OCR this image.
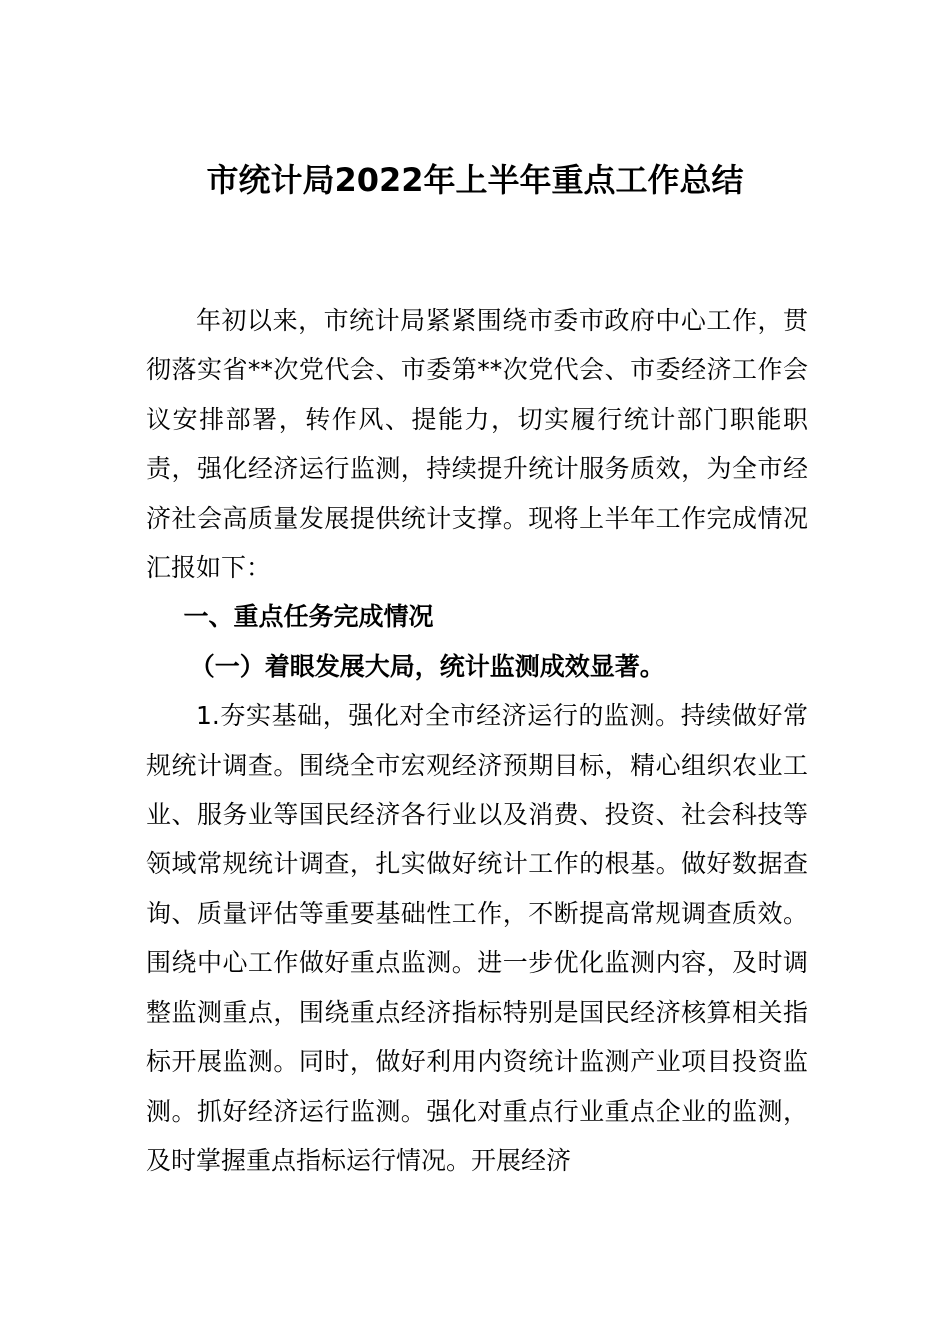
市统计局2022年上半年重点工作总结

年初以来，市统计局紧紧围绕市委市政府中心工作，贯彻落实省**次党代会、市委第**次党代会、市委经济工作会议安排部署，转作风、提能力，切实履行统计部门职能职责，强化经济运行监测，持续提升统计服务质效，为全市经济社会高质量发展提供统计支撑。现将上半年工作完成情况汇报如下：

一、重点任务完成情况

（一）着眼发展大局，统计监测成效显著。

1.夯实基础，强化对全市经济运行的监测。持续做好常规统计调查。围绕全市宏观经济预期目标，精心组织农业工业、服务业等国民经济各行业以及消费、投资、社会科技等领域常规统计调查，扎实做好统计工作的根基。做好数据查询、质量评估等重要基础性工作，不断提高常规调查质效。围绕中心工作做好重点监测。进一步优化监测内容，及时调整监测重点，围绕重点经济指标特别是国民经济核算相关指标开展监测。同时，做好利用内资统计监测产业项目投资监测。抓好经济运行监测。强化对重点行业重点企业的监测，及时掌握重点指标运行情况。开展经济
